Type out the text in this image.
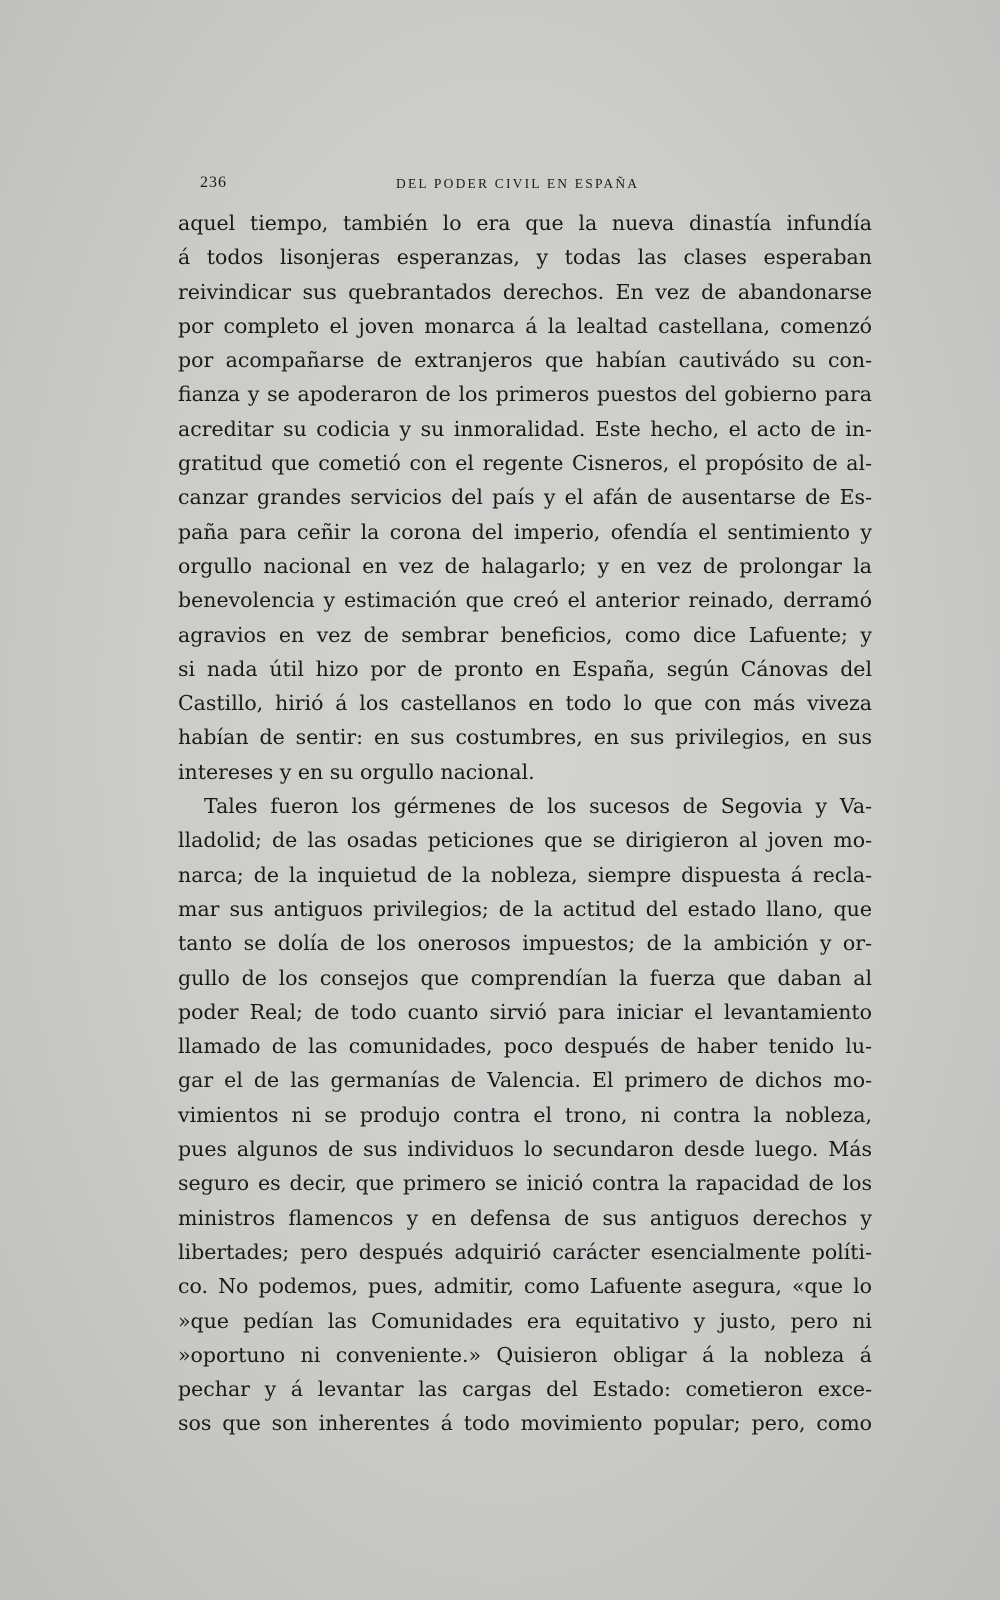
236	DEL PODER CIVIL EN ESPAÑA
aquel tiempo, también lo era que la nueva dinastía infundía
á todos lisonjeras esperanzas, y todas las clases esperaban
reivindicar sus quebrantados derechos. En vez de abandonarse
por completo el joven monarca á la lealtad castellana, comenzó
por acompañarse de extranjeros que habían cautivádo su con-
fianza y se apoderaron de los primeros puestos del gobierno para
acreditar su codicia y su inmoralidad. Este hecho, el acto de in-
gratitud que cometió con el regente Cisneros, el propósito de al-
canzar grandes servicios del país y el afán de ausentarse de Es-
paña para ceñir la corona del imperio, ofendía el sentimiento y
orgullo nacional en vez de halagarlo; y en vez de prolongar la
benevolencia y estimación que creó el anterior reinado, derramó
agravios en vez de sembrar beneficios, como dice Lafuente; y
si nada útil hizo por de pronto en España, según Cánovas del
Castillo, hirió á los castellanos en todo lo que con más viveza
habían de sentir: en sus costumbres, en sus privilegios, en sus
intereses y en su orgullo nacional.
Tales fueron los gérmenes de los sucesos de Segovia y Va-
lladolid; de las osadas peticiones que se dirigieron al joven mo-
narca; de la inquietud de la nobleza, siempre dispuesta á recla-
mar sus antiguos privilegios; de la actitud del estado llano, que
tanto se dolía de los onerosos impuestos; de la ambición y or-
gullo de los consejos que comprendían la fuerza que daban al
poder Real; de todo cuanto sirvió para iniciar el levantamiento
llamado de las comunidades, poco después de haber tenido lu-
gar el de las germanías de Valencia. El primero de dichos mo-
vimientos ni se produjo contra el trono, ni contra la nobleza,
pues algunos de sus individuos lo secundaron desde luego. Más
seguro es decir, que primero se inició contra la rapacidad de los
ministros flamencos y en defensa de sus antiguos derechos y
libertades; pero después adquirió carácter esencialmente políti-
co. No podemos, pues, admitir, como Lafuente asegura, «que lo
»que pedían las Comunidades era equitativo y justo, pero ni
»oportuno ni conveniente.» Quisieron obligar á la nobleza á
pechar y á levantar las cargas del Estado: cometieron exce-
sos que son inherentes á todo movimiento popular; pero, como
